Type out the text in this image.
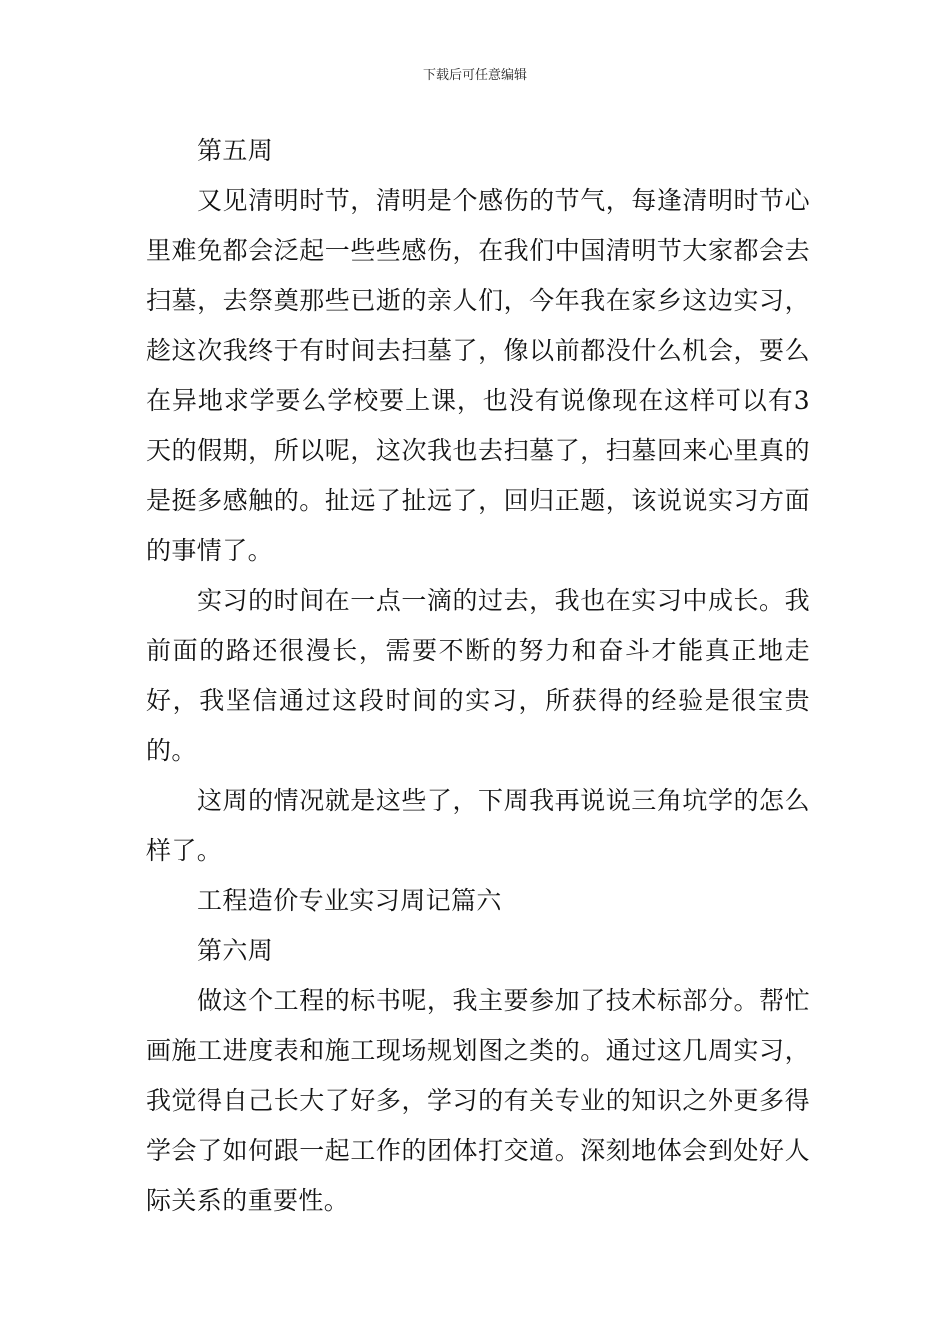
下载后可任意编辑

第五周

又见清明时节，清明是个感伤的节气，每逢清明时节心里难免都会泛起一些些感伤，在我们中国清明节大家都会去扫墓，去祭奠那些已逝的亲人们，今年我在家乡这边实习，趁这次我终于有时间去扫墓了，像以前都没什么机会，要么在异地求学要么学校要上课，也没有说像现在这样可以有3天的假期，所以呢，这次我也去扫墓了，扫墓回来心里真的是挺多感触的。扯远了扯远了，回归正题，该说说实习方面的事情了。

实习的时间在一点一滴的过去，我也在实习中成长。我前面的路还很漫长，需要不断的努力和奋斗才能真正地走好，我坚信通过这段时间的实习，所获得的经验是很宝贵的。

这周的情况就是这些了，下周我再说说三角坑学的怎么样了。

工程造价专业实习周记篇六

第六周

做这个工程的标书呢，我主要参加了技术标部分。帮忙画施工进度表和施工现场规划图之类的。通过这几周实习，我觉得自己长大了好多，学习的有关专业的知识之外更多得学会了如何跟一起工作的团体打交道。深刻地体会到处好人际关系的重要性。
